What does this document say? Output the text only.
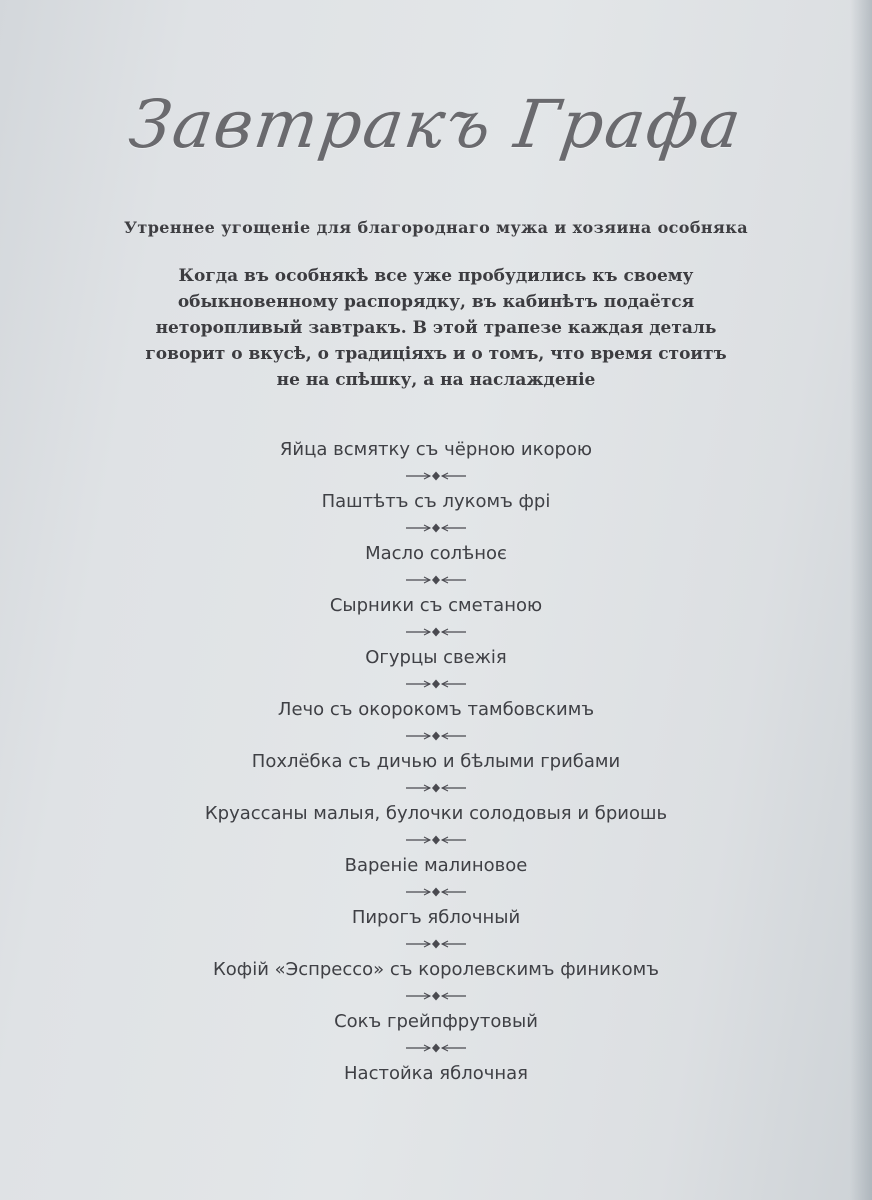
Завтракъ Графа
Утреннее угощеніе для благороднаго мужа и хозяина особняка
Когда въ особнякѣ все уже пробудились къ своему
обыкновенному распорядку, въ кабинѣтъ подаётся
неторопливый завтракъ. В этой трапезе каждая деталь
говорит о вкусѣ, о традиціяхъ и о томъ, что время стоитъ
не на спѣшку, а на наслажденіе
Яйца всмятку съ чёрною икорою
Паштѣтъ съ лукомъ фрі
Масло солѣноє
Сырники съ сметаною
Огурцы свежія
Лечо съ окорокомъ тамбовскимъ
Похлёбка съ дичью и бѣлыми грибами
Круассаны малыя, булочки солодовыя и бриошь
Вареніе малиновое
Пирогъ яблочный
Кофій «Эспрессо» съ королевскимъ финикомъ
Сокъ грейпфрутовый
Настойка яблочная
